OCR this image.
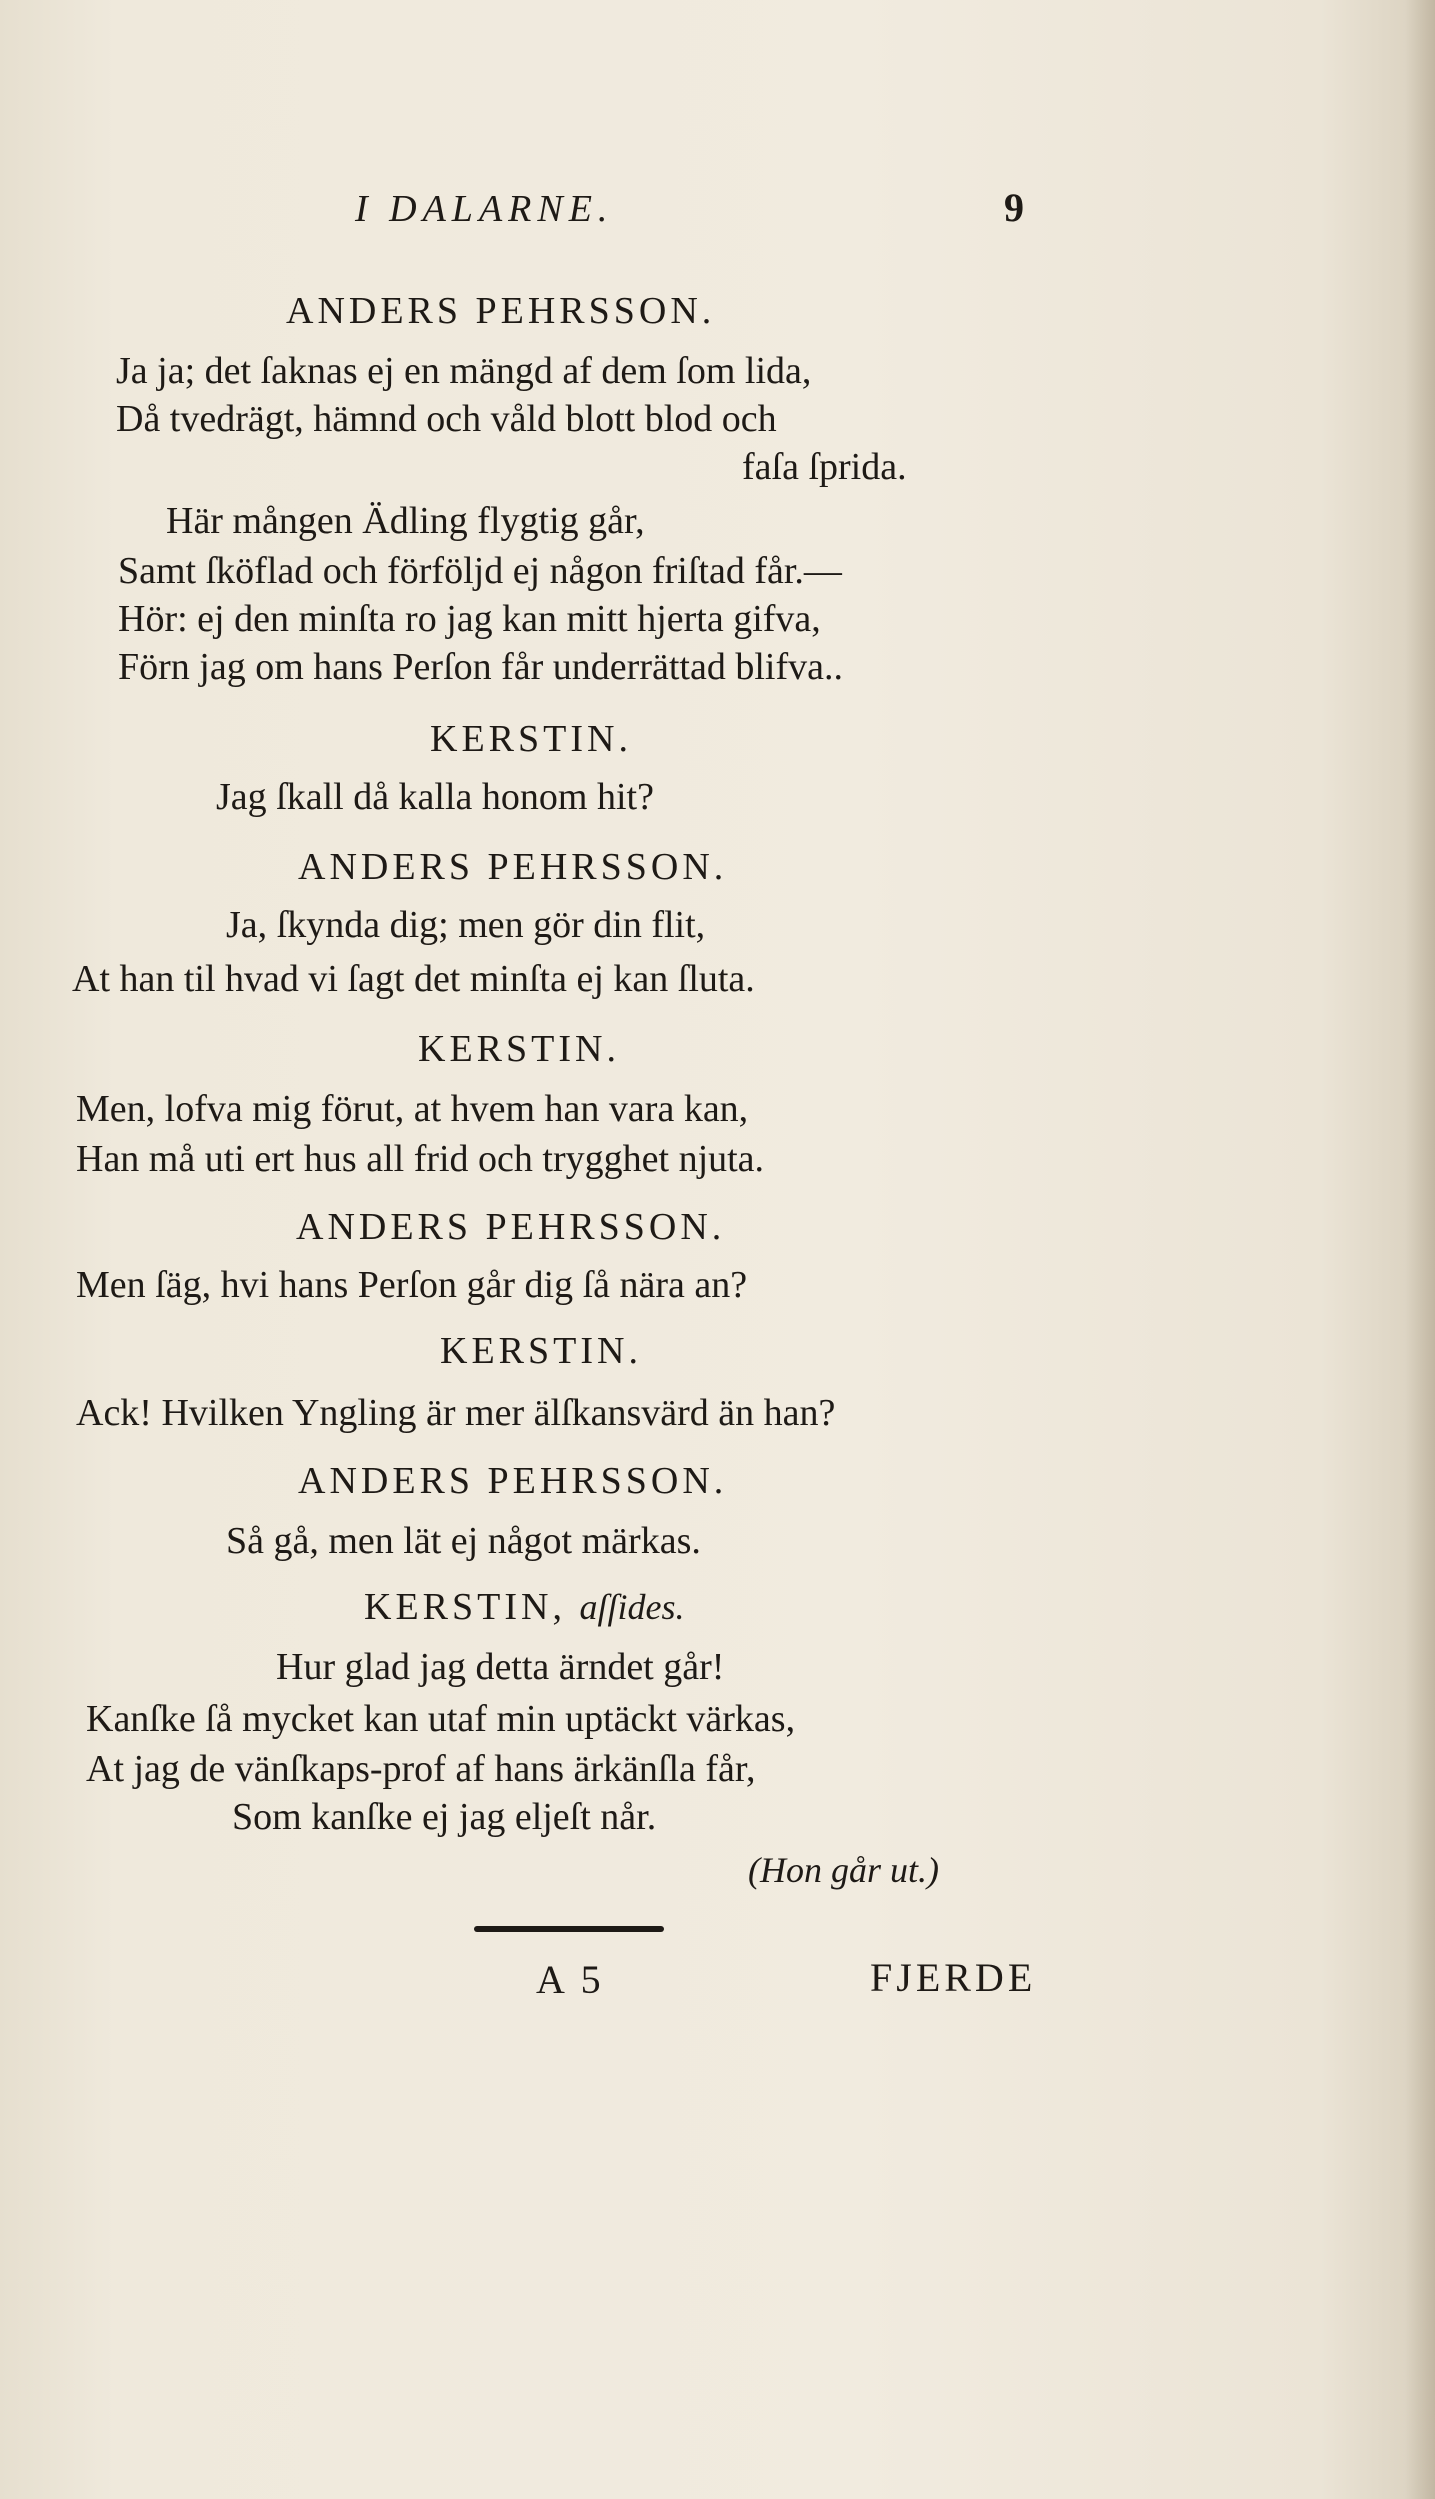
I DALARNE.	9
ANDERS PEHRSSON.
Ja ja; det ſaknas ej en mängd af dem ſom lida,
Då tvedrägt, hämnd och våld blott blod och
faſa ſprida.
Här mången Ädling flygtig går,
Samt ſköflad och förföljd ej någon friſtad får.—
Hör: ej den minſta ro jag kan mitt hjerta gifva,
Förn jag om hans Perſon får underrättad blifva..
KERSTIN.
Jag ſkall då kalla honom hit?
ANDERS PEHRSSON.
Ja, ſkynda dig; men gör din flit,
At han til hvad vi ſagt det minſta ej kan ſluta.
KERSTIN.
Men, lofva mig förut, at hvem han vara kan,
Han må uti ert hus all frid och trygghet njuta.
ANDERS PEHRSSON.
Men ſäg, hvi hans Perſon går dig ſå nära an?
KERSTIN.
Ack! Hvilken Yngling är mer älſkansvärd än han?
ANDERS PEHRSSON.
Så gå, men lät ej något märkas.
KERSTIN, aſſides.
Hur glad jag detta ärndet går!
Kanſke ſå mycket kan utaf min uptäckt värkas,
At jag de vänſkaps-prof af hans ärkänſla får,
Som kanſke ej jag eljeſt når.
(Hon går ut.)
A 5	FJERDE
